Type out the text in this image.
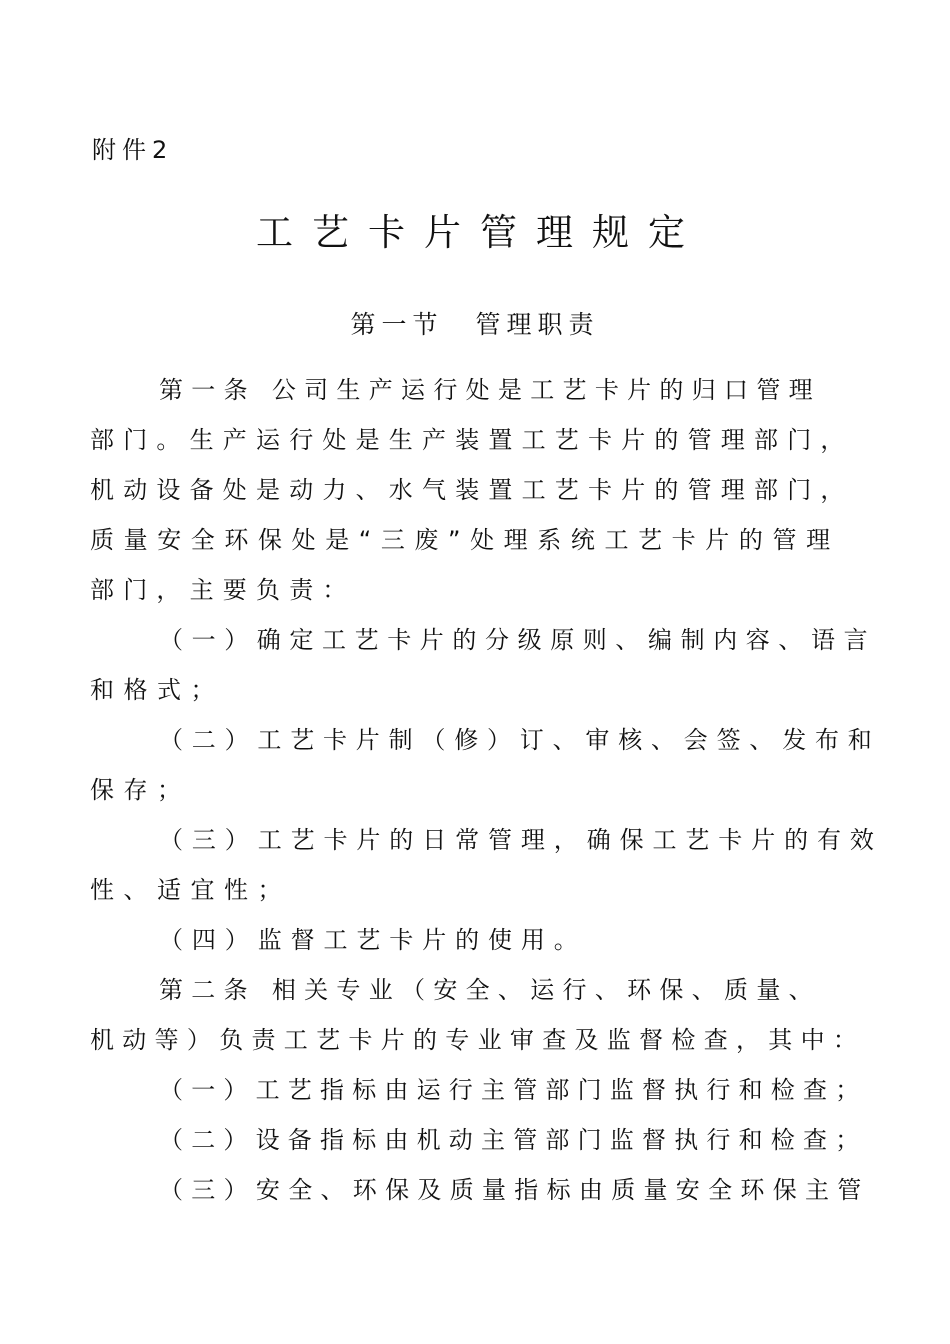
附件2
工艺卡片管理规定
第一节 管理职责
第一条 公司生产运行处是工艺卡片的归口管理
部门。生产运行处是生产装置工艺卡片的管理部门，
机动设备处是动力、水气装置工艺卡片的管理部门，
质量安全环保处是“三废”处理系统工艺卡片的管理
部门，主要负责：
（一）确定工艺卡片的分级原则、编制内容、语言
和格式；
（二）工艺卡片制（修）订、审核、会签、发布和
保存；
（三）工艺卡片的日常管理，确保工艺卡片的有效
性、适宜性；
（四）监督工艺卡片的使用。
第二条 相关专业（安全、运行、环保、质量、
机动等）负责工艺卡片的专业审查及监督检查，其中：
（一）工艺指标由运行主管部门监督执行和检查；
（二）设备指标由机动主管部门监督执行和检查；
（三）安全、环保及质量指标由质量安全环保主管
